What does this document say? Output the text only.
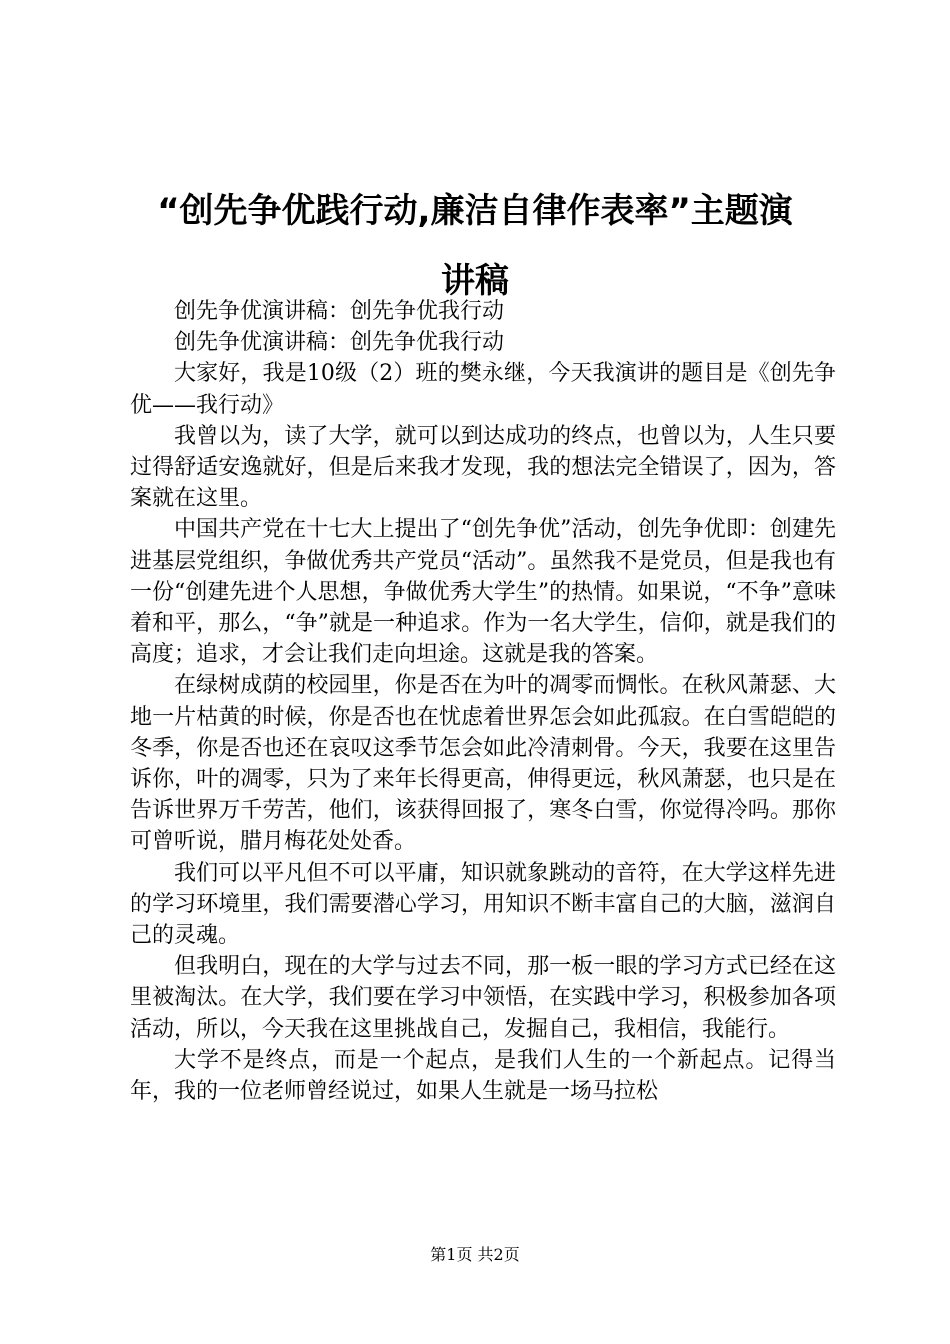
“创先争优践行动,廉洁自律作表率”主题演
讲稿

创先争优演讲稿：创先争优我行动

创先争优演讲稿：创先争优我行动

大家好，我是10级（2）班的樊永继，今天我演讲的题目是《创先争优——我行动》

我曾以为，读了大学，就可以到达成功的终点，也曾以为，人生只要过得舒适安逸就好，但是后来我才发现，我的想法完全错误了，因为，答案就在这里。

中国共产党在十七大上提出了“创先争优”活动，创先争优即：创建先进基层党组织，争做优秀共产党员“活动”。虽然我不是党员，但是我也有一份“创建先进个人思想，争做优秀大学生”的热情。如果说，“不争”意味着和平，那么，“争”就是一种追求。作为一名大学生，信仰，就是我们的高度；追求，才会让我们走向坦途。这就是我的答案。

在绿树成荫的校园里，你是否在为叶的凋零而惆怅。在秋风萧瑟、大地一片枯黄的时候，你是否也在忧虑着世界怎会如此孤寂。在白雪皑皑的冬季，你是否也还在哀叹这季节怎会如此冷清刺骨。今天，我要在这里告诉你，叶的凋零，只为了来年长得更高，伸得更远，秋风萧瑟，也只是在告诉世界万千劳苦，他们，该获得回报了，寒冬白雪，你觉得冷吗。那你可曾听说，腊月梅花处处香。

我们可以平凡但不可以平庸，知识就象跳动的音符，在大学这样先进的学习环境里，我们需要潜心学习，用知识不断丰富自己的大脑，滋润自己的灵魂。

但我明白，现在的大学与过去不同，那一板一眼的学习方式已经在这里被淘汰。在大学，我们要在学习中领悟，在实践中学习，积极参加各项活动，所以，今天我在这里挑战自己，发掘自己，我相信，我能行。

大学不是终点，而是一个起点，是我们人生的一个新起点。记得当年，我的一位老师曾经说过，如果人生就是一场马拉松

第1页 共2页
